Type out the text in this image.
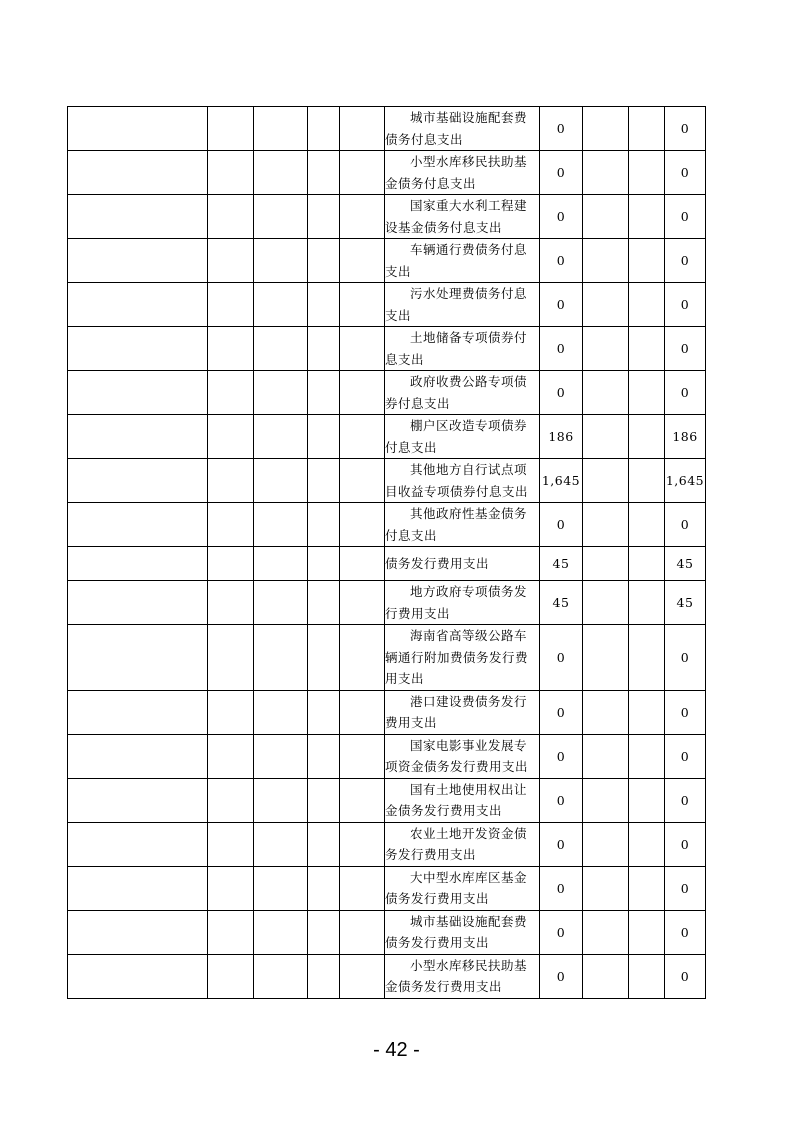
					城市基础设施配套费债务付息支出	0			0
					小型水库移民扶助基金债务付息支出	0			0
					国家重大水利工程建设基金债务付息支出	0			0
					车辆通行费债务付息支出	0			0
					污水处理费债务付息支出	0			0
					土地储备专项债券付息支出	0			0
					政府收费公路专项债券付息支出	0			0
					棚户区改造专项债券付息支出	186			186
					其他地方自行试点项目收益专项债券付息支出	1,645			1,645
					其他政府性基金债务付息支出	0			0
					债务发行费用支出	45			45
					地方政府专项债务发行费用支出	45			45
					海南省高等级公路车辆通行附加费债务发行费用支出	0			0
					港口建设费债务发行费用支出	0			0
					国家电影事业发展专项资金债务发行费用支出	0			0
					国有土地使用权出让金债务发行费用支出	0			0
					农业土地开发资金债务发行费用支出	0			0
					大中型水库库区基金债务发行费用支出	0			0
					城市基础设施配套费债务发行费用支出	0			0
					小型水库移民扶助基金债务发行费用支出	0			0
- 42 -
